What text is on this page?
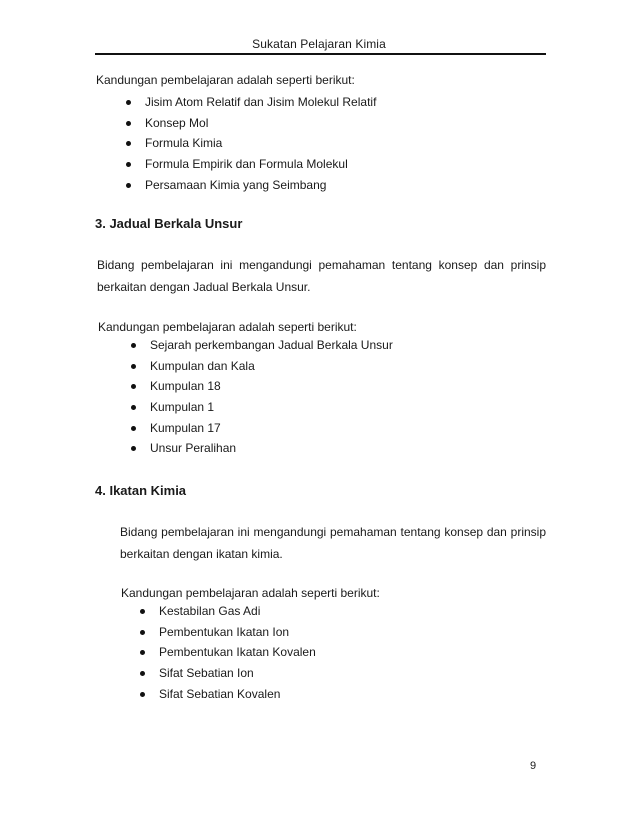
Sukatan Pelajaran Kimia
Kandungan pembelajaran adalah seperti berikut:
Jisim Atom Relatif dan Jisim Molekul Relatif
Konsep Mol
Formula Kimia
Formula Empirik dan Formula Molekul
Persamaan Kimia yang Seimbang
3. Jadual Berkala Unsur
Bidang pembelajaran ini mengandungi pemahaman tentang konsep dan prinsip berkaitan dengan Jadual Berkala Unsur.
Kandungan pembelajaran adalah seperti berikut:
Sejarah perkembangan Jadual Berkala Unsur
Kumpulan dan Kala
Kumpulan 18
Kumpulan 1
Kumpulan 17
Unsur Peralihan
4. Ikatan Kimia
Bidang pembelajaran ini mengandungi pemahaman tentang konsep dan prinsip berkaitan dengan ikatan kimia.
Kandungan pembelajaran adalah seperti berikut:
Kestabilan Gas Adi
Pembentukan Ikatan Ion
Pembentukan Ikatan Kovalen
Sifat Sebatian Ion
Sifat Sebatian Kovalen
9
